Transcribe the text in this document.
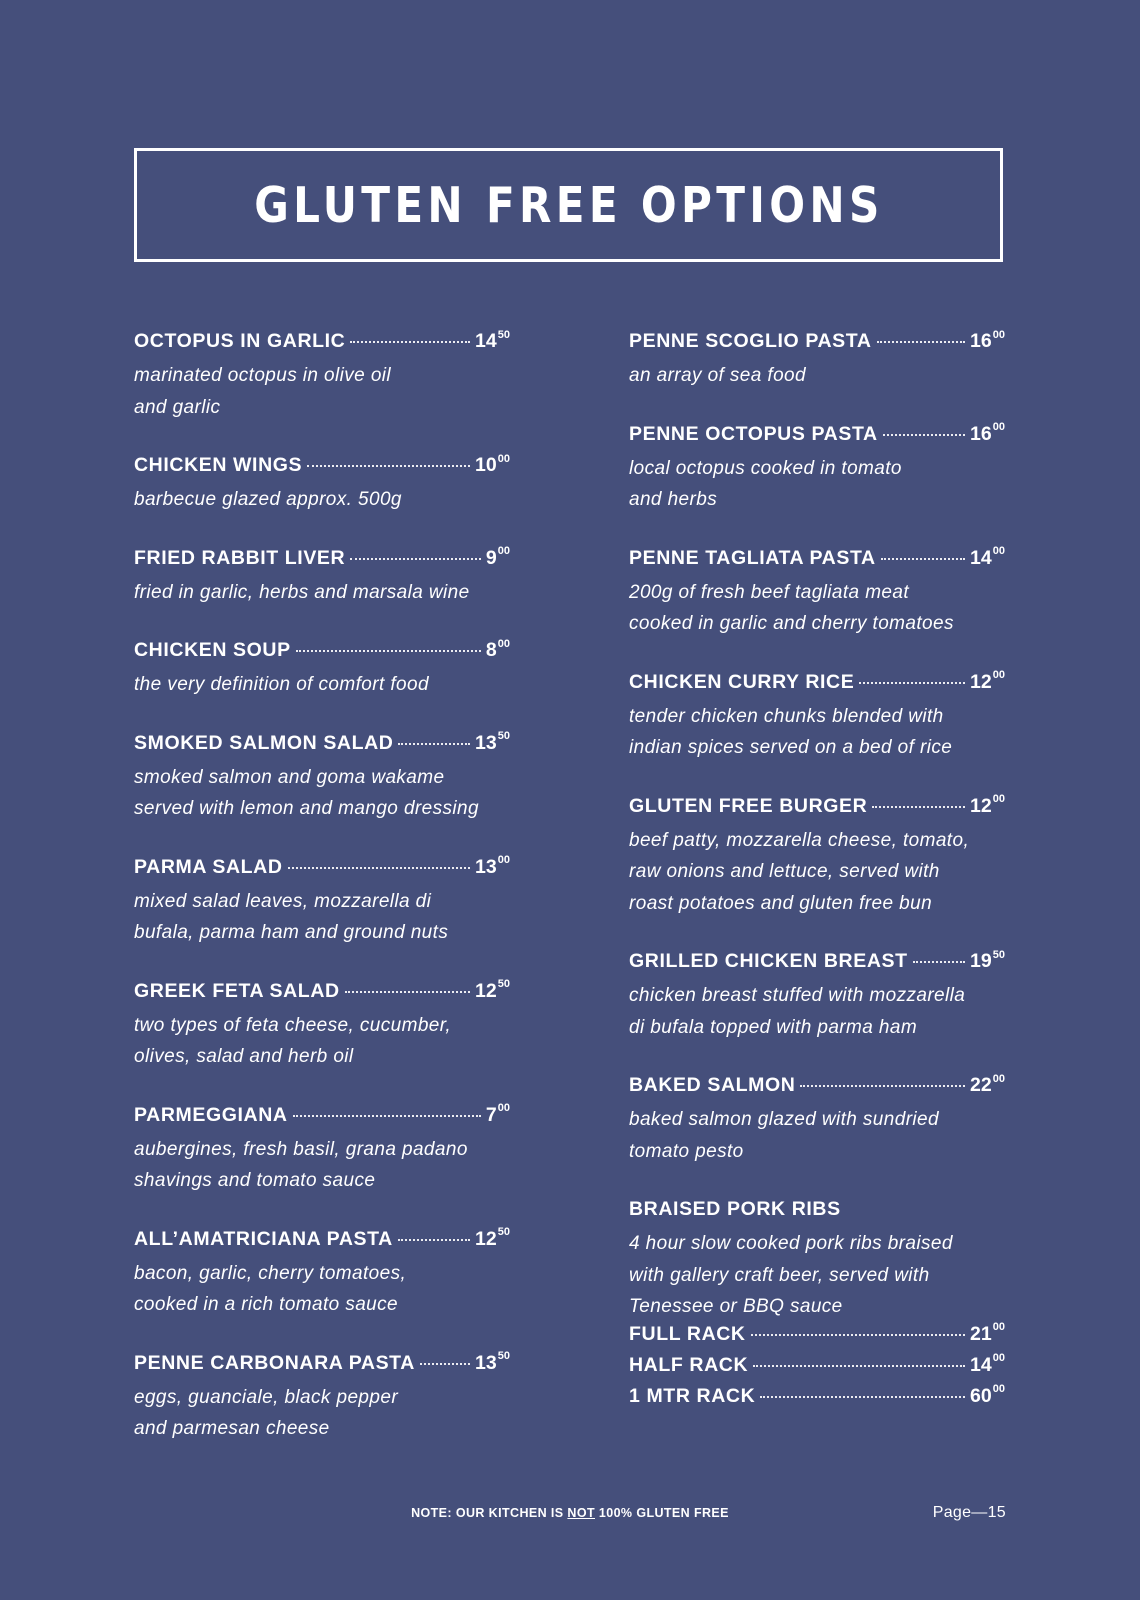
GLUTEN FREE OPTIONS
OCTOPUS IN GARLIC	$14^{50}$
marinated octopus in olive oil
and garlic
CHICKEN WINGS	$10^{00}$
barbecue glazed approx. 500g
FRIED RABBIT LIVER	$9^{00}$
fried in garlic, herbs and marsala wine
CHICKEN SOUP	$8^{00}$
the very definition of comfort food
SMOKED SALMON SALAD	$13^{50}$
smoked salmon and goma wakame
served with lemon and mango dressing
PARMA SALAD	$13^{00}$
mixed salad leaves, mozzarella di
bufala, parma ham and ground nuts
GREEK FETA SALAD	$12^{50}$
two types of feta cheese, cucumber,
olives, salad and herb oil
PARMEGGIANA	$7^{00}$
aubergines, fresh basil, grana padano
shavings and tomato sauce
ALL’AMATRICIANA PASTA	$12^{50}$
bacon, garlic, cherry tomatoes,
cooked in a rich tomato sauce
PENNE CARBONARA PASTA	$13^{50}$
eggs, guanciale, black pepper
and parmesan cheese
PENNE SCOGLIO PASTA	$16^{00}$
an array of sea food
PENNE OCTOPUS PASTA	$16^{00}$
local octopus cooked in tomato
and herbs
PENNE TAGLIATA PASTA	$14^{00}$
200g of fresh beef tagliata meat
cooked in garlic and cherry tomatoes
CHICKEN CURRY RICE	$12^{00}$
tender chicken chunks blended with
indian spices served on a bed of rice
GLUTEN FREE BURGER	$12^{00}$
beef patty, mozzarella cheese, tomato,
raw onions and lettuce, served with
roast potatoes and gluten free bun
GRILLED CHICKEN BREAST	$19^{50}$
chicken breast stuffed with mozzarella
di bufala topped with parma ham
BAKED SALMON	$22^{00}$
baked salmon glazed with sundried
tomato pesto
BRAISED PORK RIBS
4 hour slow cooked pork ribs braised
with gallery craft beer, served with
Tenessee or BBQ sauce
FULL RACK	$21^{00}$
HALF RACK	$14^{00}$
1 MTR RACK	$60^{00}$
NOTE: OUR KITCHEN IS NOT 100% GLUTEN FREE	Page—15
